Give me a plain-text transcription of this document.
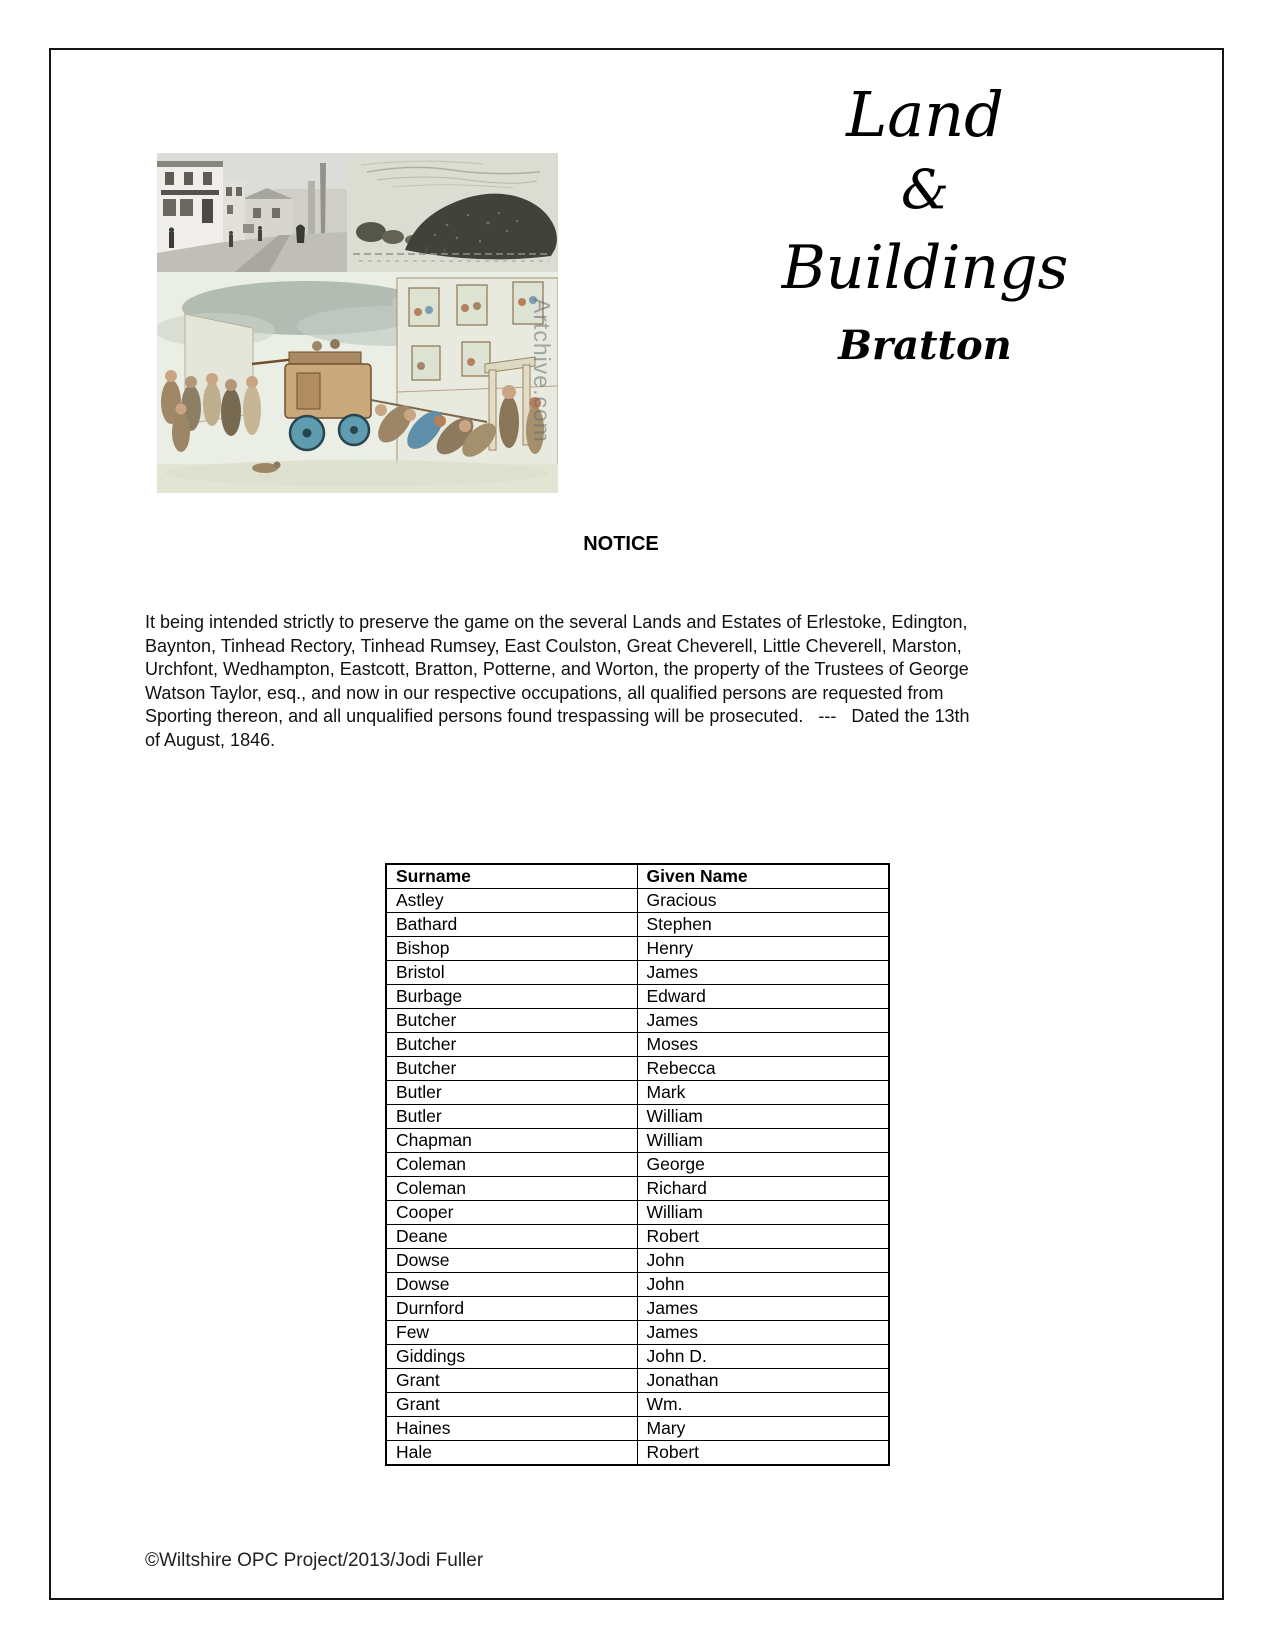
Artchive.com
Land
&
Buildings
Bratton
NOTICE
It being intended strictly to preserve the game on the several Lands and Estates of Erlestoke, Edington,
Baynton, Tinhead Rectory, Tinhead Rumsey, East Coulston, Great Cheverell, Little Cheverell, Marston,
Urchfont, Wedhampton, Eastcott, Bratton, Potterne, and Worton, the property of the Trustees of George
Watson Taylor, esq., and now in our respective occupations, all qualified persons are requested from
Sporting thereon, and all unqualified persons found trespassing will be prosecuted.   ---   Dated the 13th
of August, 1846.
Surname	Given Name
Astley	Gracious
Bathard	Stephen
Bishop	Henry
Bristol	James
Burbage	Edward
Butcher	James
Butcher	Moses
Butcher	Rebecca
Butler	Mark
Butler	William
Chapman	William
Coleman	George
Coleman	Richard
Cooper	William
Deane	Robert
Dowse	John
Dowse	John
Durnford	James
Few	James
Giddings	John D.
Grant	Jonathan
Grant	Wm.
Haines	Mary
Hale	Robert
©Wiltshire OPC Project/2013/Jodi Fuller
